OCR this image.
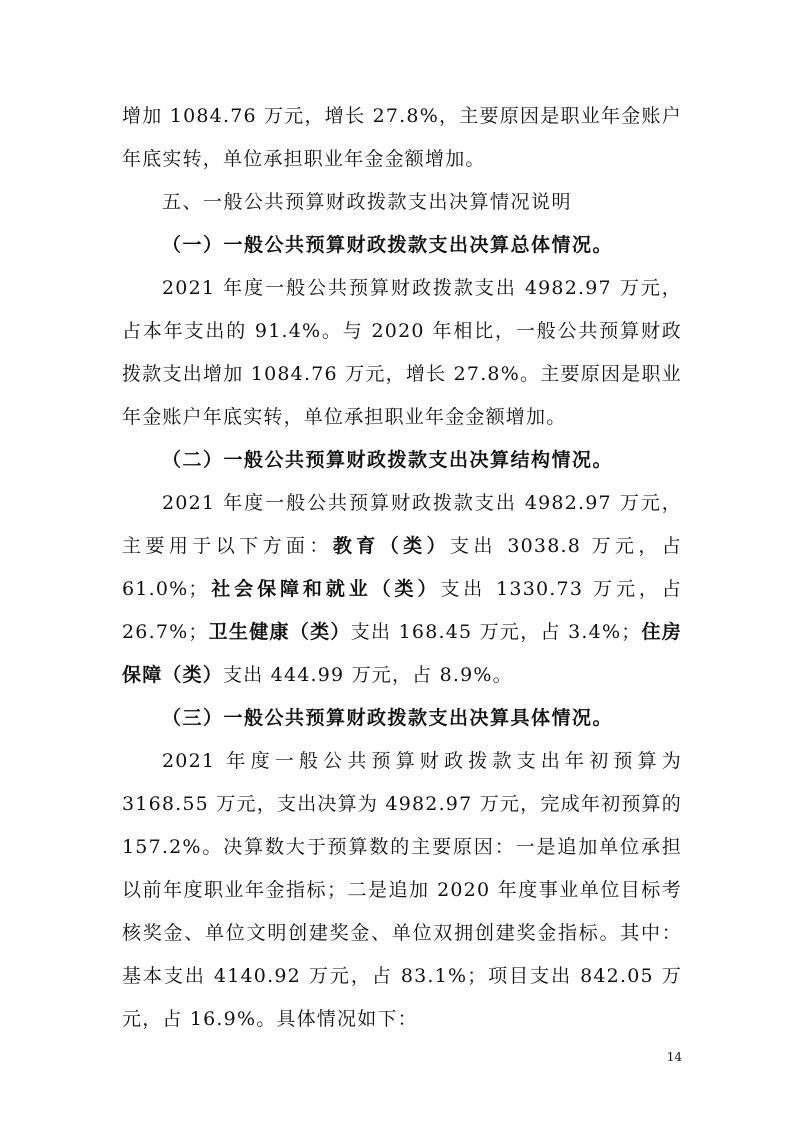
增加 1084.76 万元，增长 27.8%，主要原因是职业年金账户年底实转，单位承担职业年金金额增加。

五、一般公共预算财政拨款支出决算情况说明

（一）一般公共预算财政拨款支出决算总体情况。

2021 年度一般公共预算财政拨款支出 4982.97 万元，占本年支出的 91.4%。与 2020 年相比，一般公共预算财政拨款支出增加 1084.76 万元，增长 27.8%。主要原因是职业年金账户年底实转，单位承担职业年金金额增加。

（二）一般公共预算财政拨款支出决算结构情况。

2021 年度一般公共预算财政拨款支出 4982.97 万元，主要用于以下方面：教育（类）支出 3038.8 万元，占 61.0%；社会保障和就业（类）支出 1330.73 万元，占 26.7%；卫生健康（类）支出 168.45 万元，占 3.4%；住房保障（类）支出 444.99 万元，占 8.9%。

（三）一般公共预算财政拨款支出决算具体情况。

2021 年度一般公共预算财政拨款支出年初预算为 3168.55 万元，支出决算为 4982.97 万元，完成年初预算的 157.2%。决算数大于预算数的主要原因：一是追加单位承担以前年度职业年金指标；二是追加 2020 年度事业单位目标考核奖金、单位文明创建奖金、单位双拥创建奖金指标。其中：基本支出 4140.92 万元，占 83.1%；项目支出 842.05 万元，占 16.9%。具体情况如下：

14
